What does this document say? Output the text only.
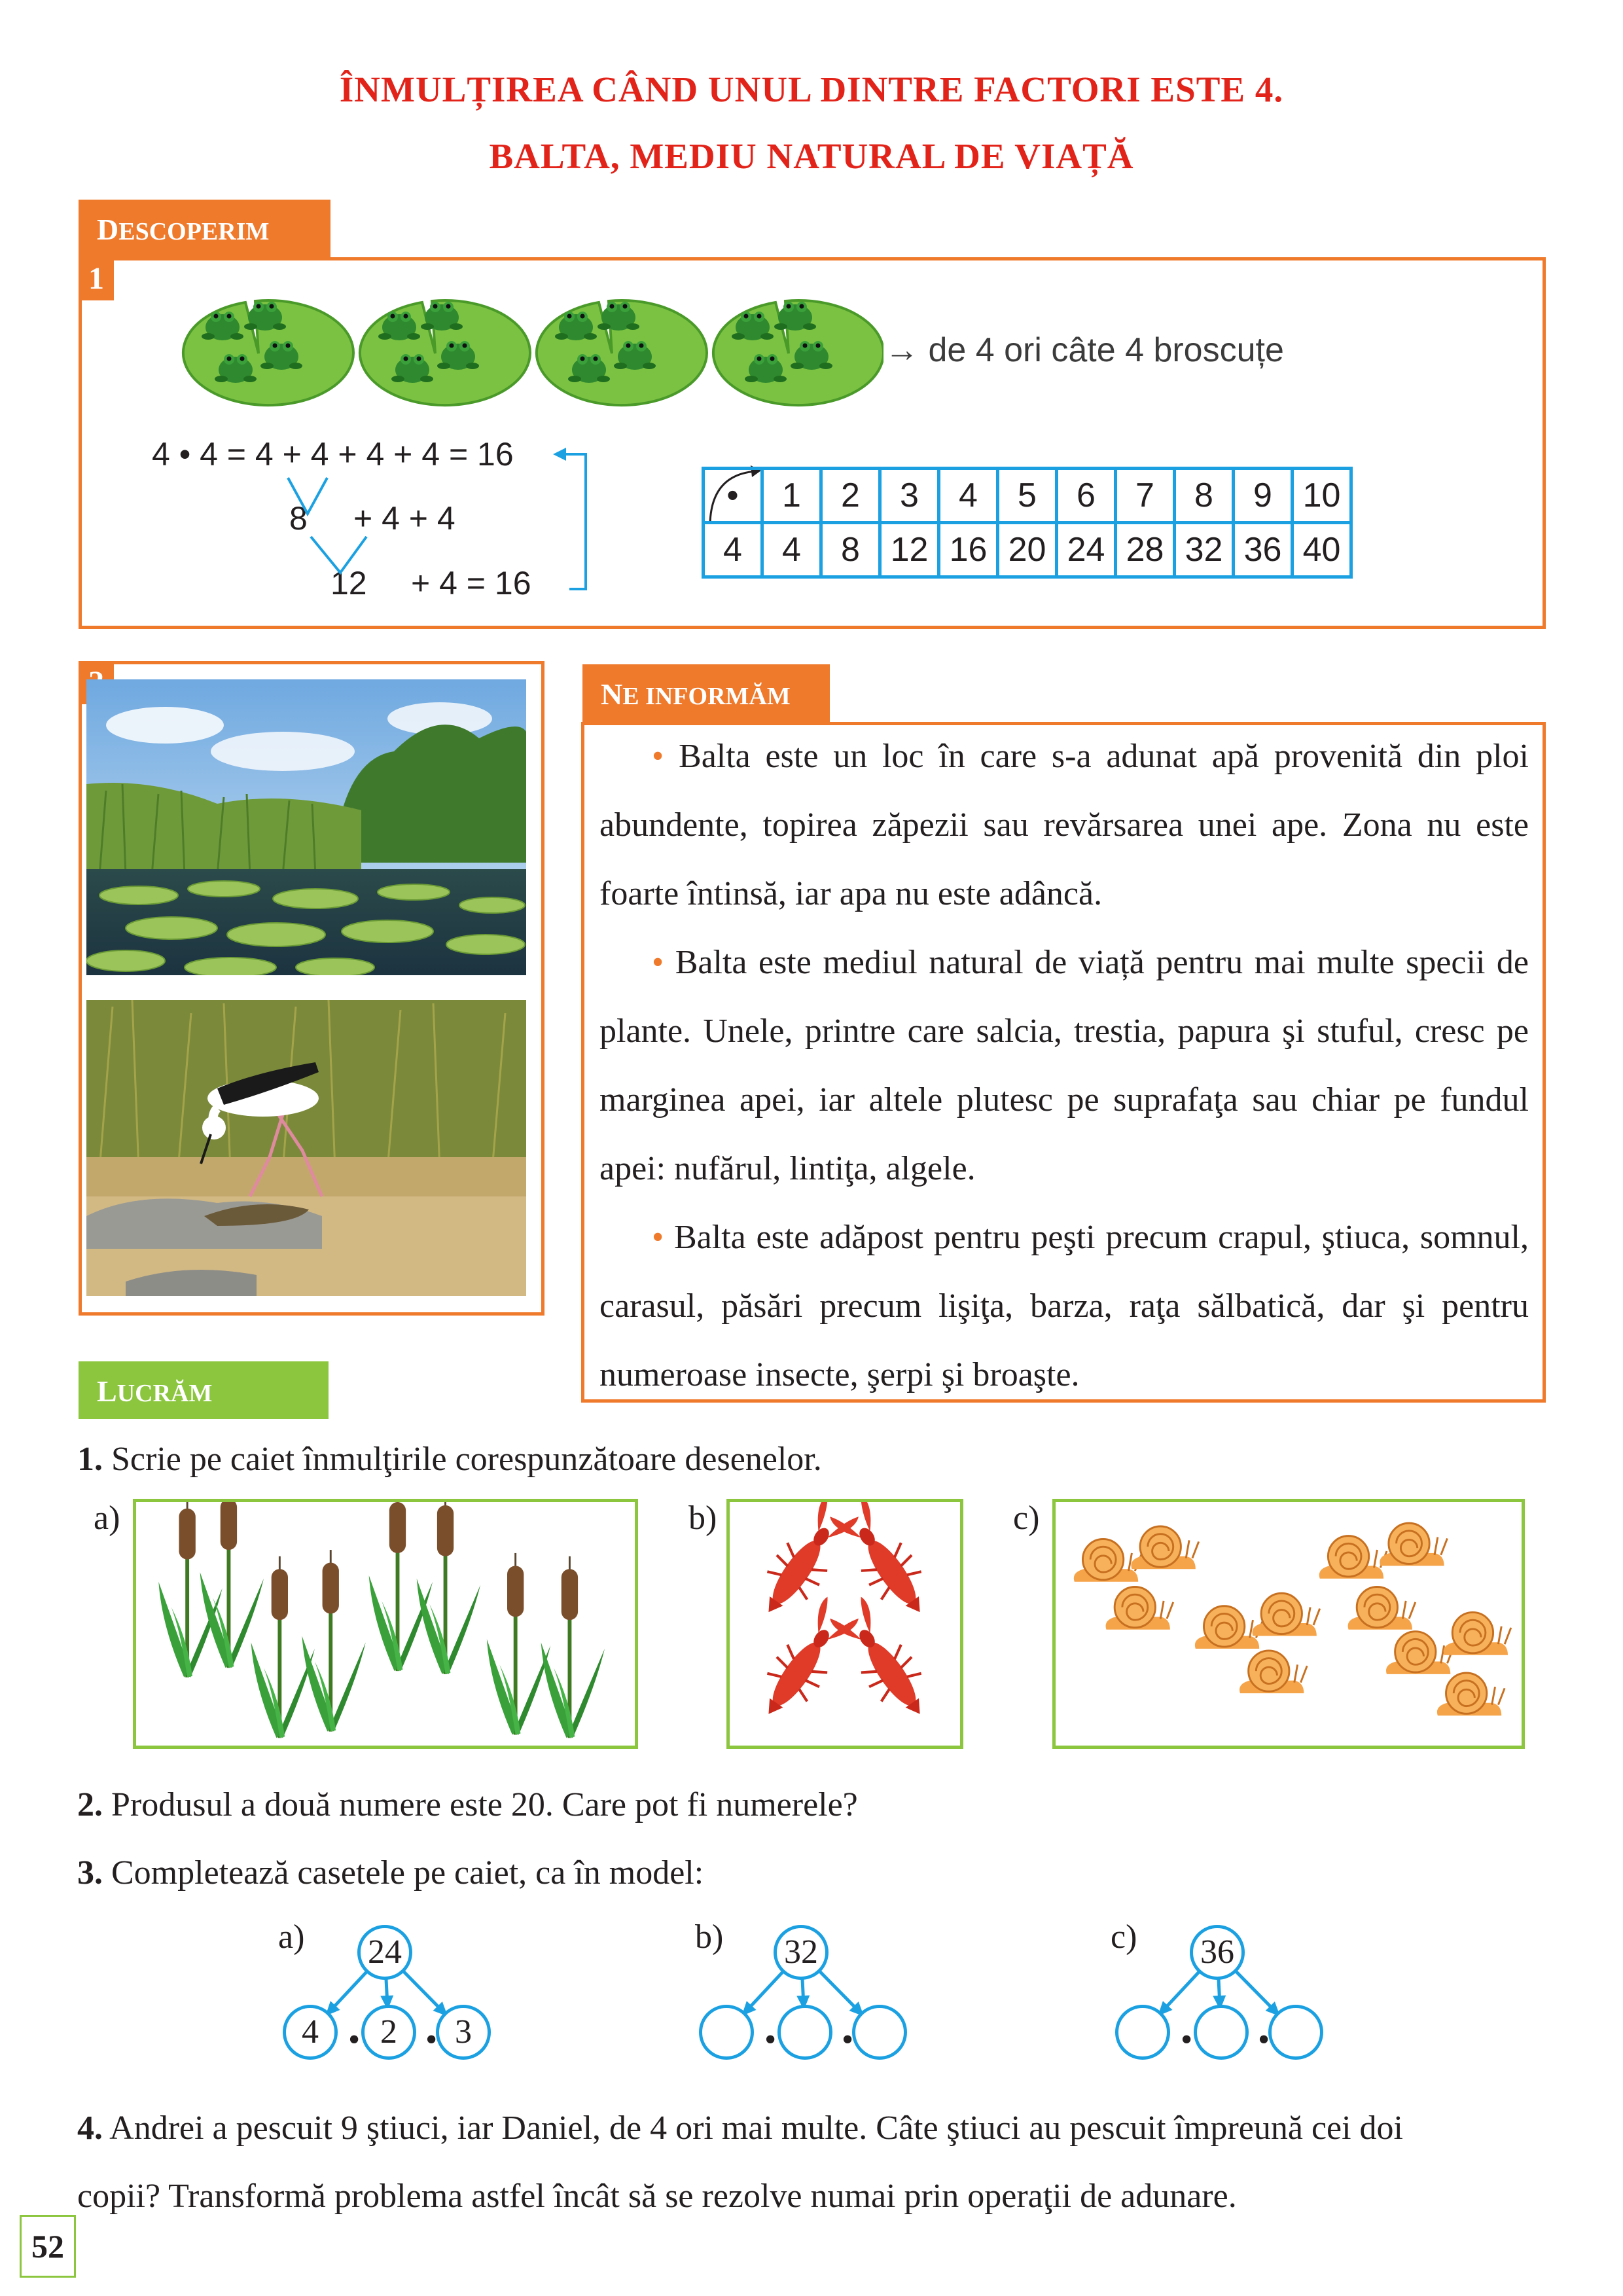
ÎNMULȚIREA CÂND UNUL DINTRE FACTORI ESTE 4.
BALTA, MEDIU NATURAL DE VIAȚĂ
DESCOPERIM
1
→ de 4 ori câte 4 broscuțe
4 • 4 = 4 + 4 + 4 + 4 = 16
8 + 4 + 4
12 + 4 = 16
•	1	2	3	4	5	6	7	8	9	10
4	4	8	12	16	20	24	28	32	36	40
NE INFORMĂM

• Balta este un loc în care s-a adunat apă provenită din ploi abundente, topirea zăpezii sau revărsarea unei ape. Zona nu este foarte întinsă, iar apa nu este adâncă.

• Balta este mediul natural de viață pentru mai multe specii de plante. Unele, printre care salcia, trestia, papura şi stuful, cresc pe marginea apei, iar altele plutesc pe suprafaţa sau chiar pe fundul apei: nufărul, lintiţa, algele.

• Balta este adăpost pentru peşti precum crapul, ştiuca, somnul, carasul, păsări precum lişiţa, barza, raţa sălbatică, dar şi pentru numeroase insecte, şerpi şi broaşte.

LUCRĂM
1. Scrie pe caiet înmulţirile corespunzătoare desenelor.
a)	b)	c)
2. Produsul a două numere este 20. Care pot fi numerele?
3. Completează casetele pe caiet, ca în model:
a)	b)	c)
24
4	2	3
• •
32
• •
36
• •
4. Andrei a pescuit 9 ştiuci, iar Daniel, de 4 ori mai multe. Câte ştiuci au pescuit împreună cei doi
copii? Transformă problema astfel încât să se rezolve numai prin operaţii de adunare.
52
